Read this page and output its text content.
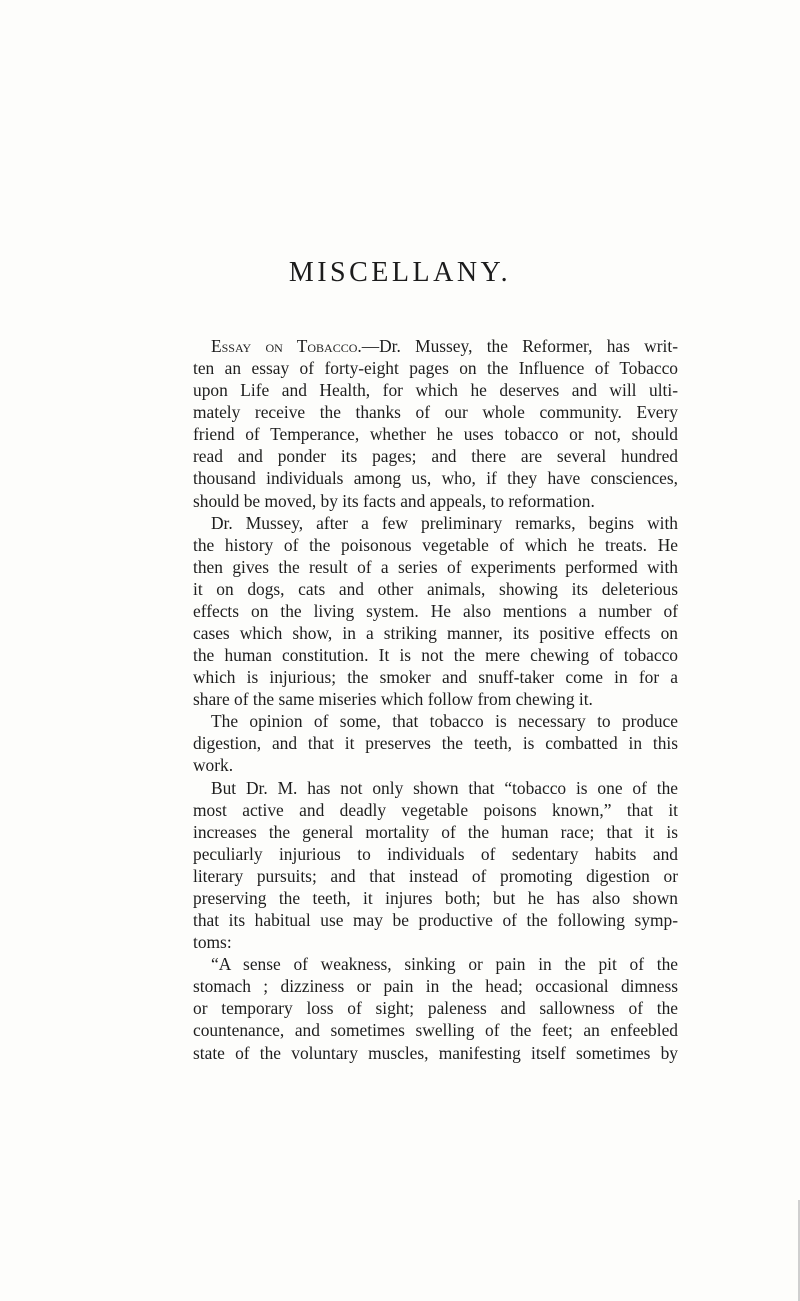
MISCELLANY.
Essay on Tobacco.—Dr. Mussey, the Reformer, has writ-
ten an essay of forty-eight pages on the Influence of Tobacco
upon Life and Health, for which he deserves and will ulti-
mately receive the thanks of our whole community. Every
friend of Temperance, whether he uses tobacco or not, should
read and ponder its pages; and there are several hundred
thousand individuals among us, who, if they have consciences,
should be moved, by its facts and appeals, to reformation.
Dr. Mussey, after a few preliminary remarks, begins with
the history of the poisonous vegetable of which he treats. He
then gives the result of a series of experiments performed with
it on dogs, cats and other animals, showing its deleterious
effects on the living system. He also mentions a number of
cases which show, in a striking manner, its positive effects on
the human constitution. It is not the mere chewing of tobacco
which is injurious; the smoker and snuff-taker come in for a
share of the same miseries which follow from chewing it.
The opinion of some, that tobacco is necessary to produce
digestion, and that it preserves the teeth, is combatted in this
work.
But Dr. M. has not only shown that “tobacco is one of the
most active and deadly vegetable poisons known,” that it
increases the general mortality of the human race; that it is
peculiarly injurious to individuals of sedentary habits and
literary pursuits; and that instead of promoting digestion or
preserving the teeth, it injures both; but he has also shown
that its habitual use may be productive of the following symp-
toms:
“A sense of weakness, sinking or pain in the pit of the
stomach ; dizziness or pain in the head; occasional dimness
or temporary loss of sight; paleness and sallowness of the
countenance, and sometimes swelling of the feet; an enfeebled
state of the voluntary muscles, manifesting itself sometimes by
